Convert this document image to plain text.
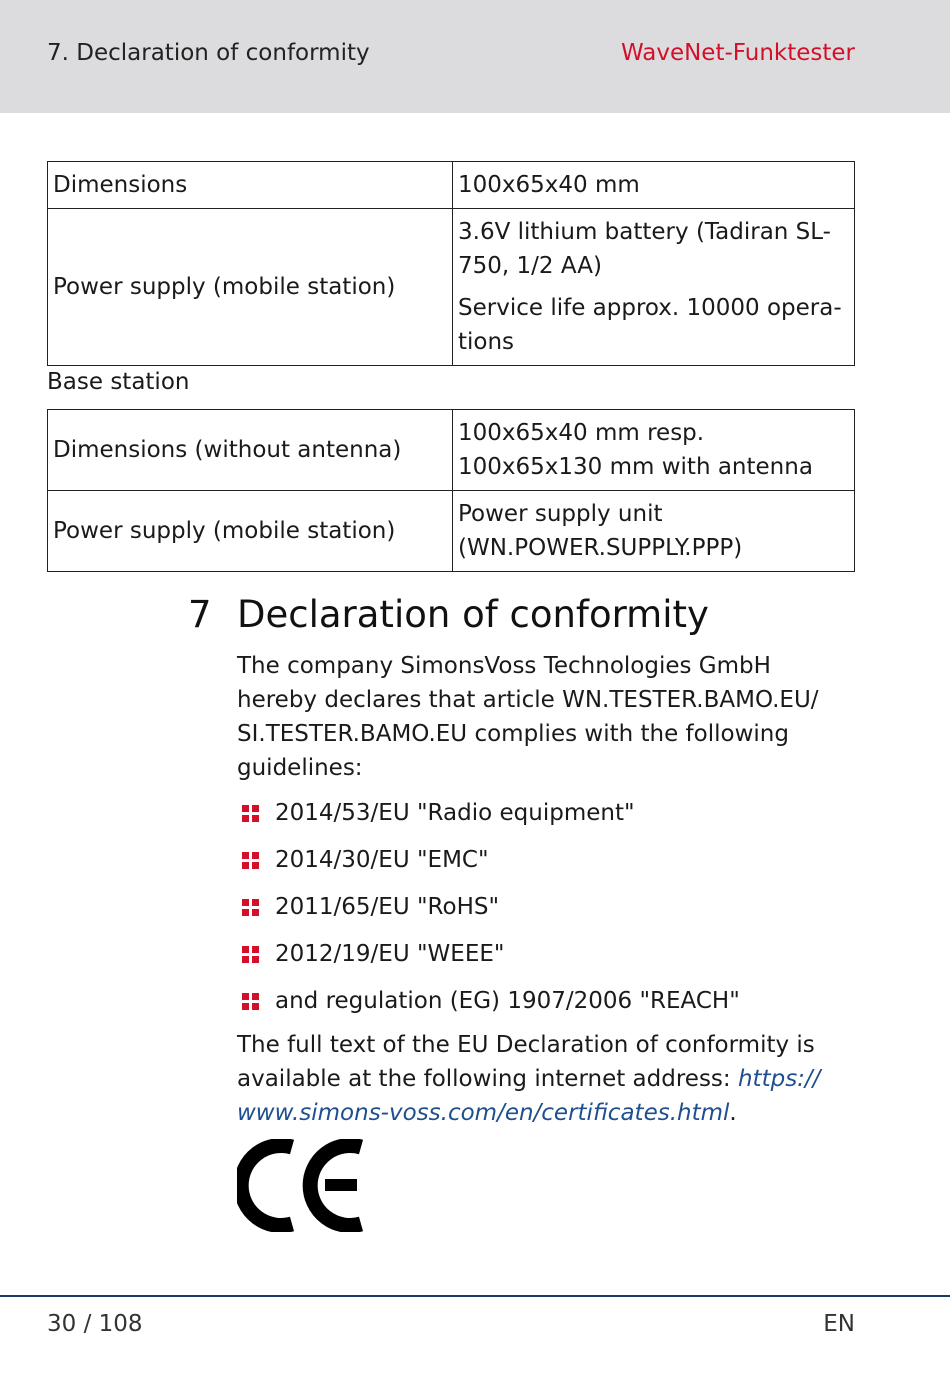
7. Declaration of conformity	WaveNet-Funktester
Dimensions	100x65x40 mm
Power supply (mobile station)	3.6V lithium battery (Tadiran SL-750, 1/2 AA)

Service life approx. 10000 opera-tions

Base station
Dimensions (without antenna)	100x65x40 mm resp. 100x65x130 mm with antenna
Power supply (mobile station)	Power supply unit (WN.POWER.SUPPLY.PPP)
7 Declaration of conformity

The company SimonsVoss Technologies GmbH hereby declares that article WN.TESTER.BAMO.EU/ SI.TESTER.BAMO.EU complies with the following guidelines:

2014/53/EU "Radio equipment"
2014/30/EU "EMC"
2011/65/EU "RoHS"
2012/19/EU "WEEE"
and regulation (EG) 1907/2006 "REACH"

The full text of the EU Declaration of conformity is available at the following internet address: https:// www.simons-voss.com/en/certificates.html.

30 / 108	EN
